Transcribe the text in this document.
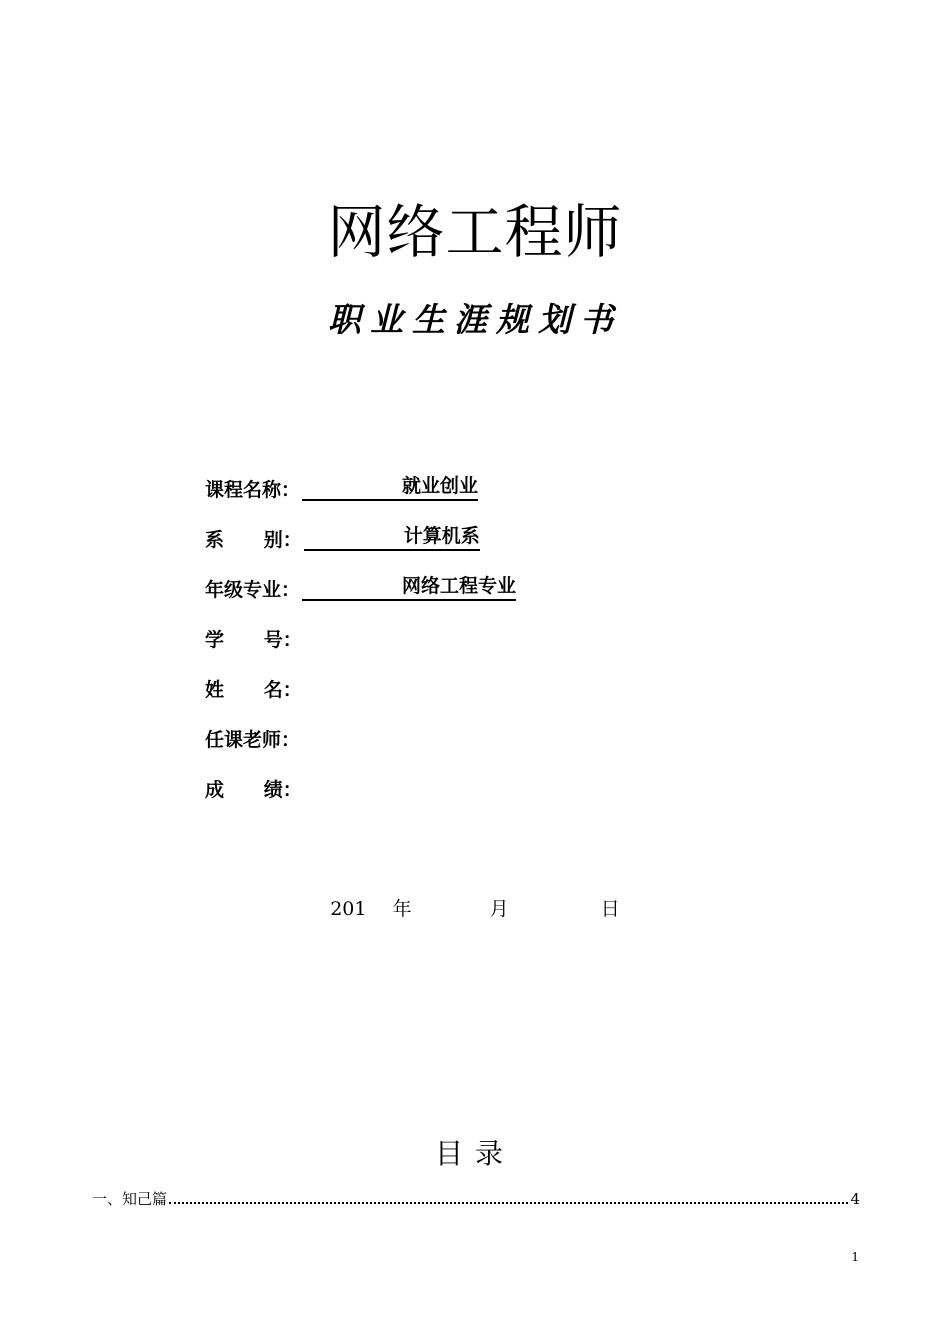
网络工程师
职业生涯规划书
课程名称：	就业创业
系      别：	计算机系
年级专业：	网络工程专业
学      号：
姓      名：
任课老师：
成      绩：
201 年	月	日
目录
一、知己篇	4
1
